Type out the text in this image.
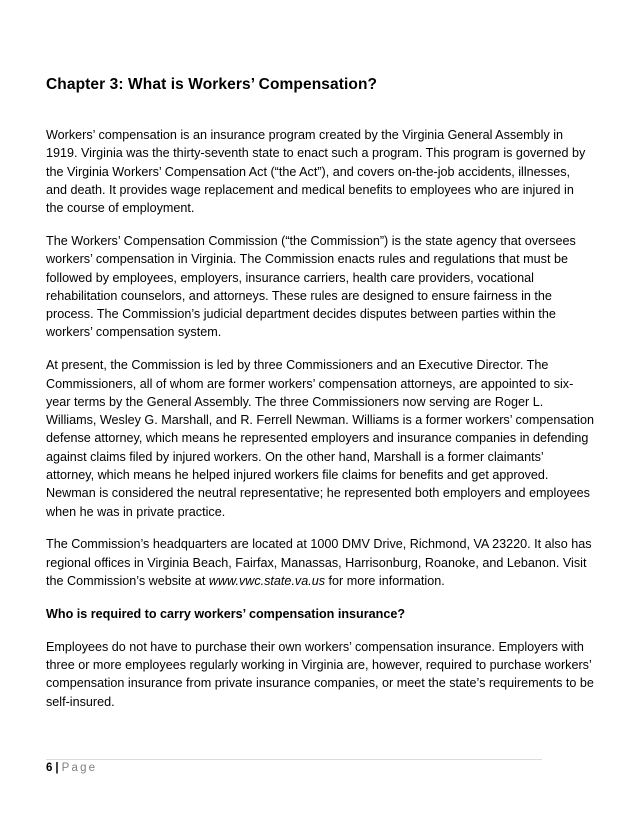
Chapter 3: What is Workers’ Compensation?

Workers’ compensation is an insurance program created by the Virginia General Assembly in 1919. Virginia was the thirty-seventh state to enact such a program. This program is governed by the Virginia Workers’ Compensation Act (“the Act”), and covers on-the-job accidents, illnesses, and death. It provides wage replacement and medical benefits to employees who are injured in the course of employment.

The Workers’ Compensation Commission (“the Commission”) is the state agency that oversees workers’ compensation in Virginia. The Commission enacts rules and regulations that must be followed by employees, employers, insurance carriers, health care providers, vocational rehabilitation counselors, and attorneys. These rules are designed to ensure fairness in the process. The Commission’s judicial department decides disputes between parties within the workers’ compensation system.

At present, the Commission is led by three Commissioners and an Executive Director. The Commissioners, all of whom are former workers’ compensation attorneys, are appointed to six-year terms by the General Assembly. The three Commissioners now serving are Roger L. Williams, Wesley G. Marshall, and R. Ferrell Newman. Williams is a former workers’ compensation defense attorney, which means he represented employers and insurance companies in defending against claims filed by injured workers. On the other hand, Marshall is a former claimants’ attorney, which means he helped injured workers file claims for benefits and get approved. Newman is considered the neutral representative; he represented both employers and employees when he was in private practice.

The Commission’s headquarters are located at 1000 DMV Drive, Richmond, VA 23220. It also has regional offices in Virginia Beach, Fairfax, Manassas, Harrisonburg, Roanoke, and Lebanon. Visit the Commission’s website at www.vwc.state.va.us for more information.

Who is required to carry workers’ compensation insurance?

Employees do not have to purchase their own workers’ compensation insurance. Employers with three or more employees regularly working in Virginia are, however, required to purchase workers’ compensation insurance from private insurance companies, or meet the state’s requirements to be self-insured.

6 | Page
